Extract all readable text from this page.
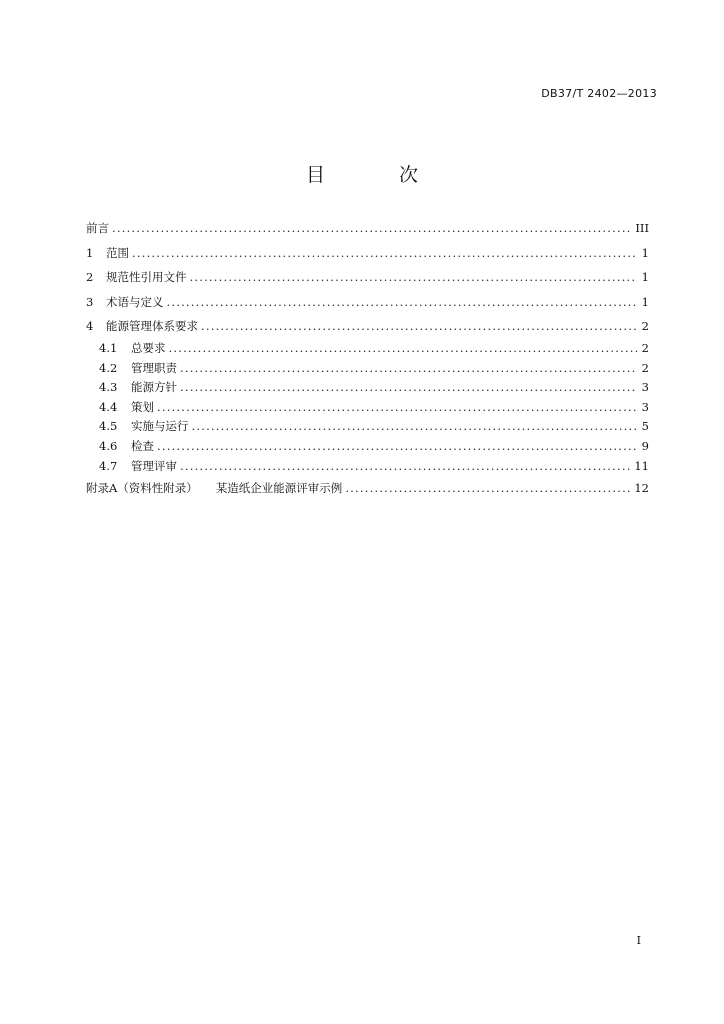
DB37/T 2402—2013
目 次
前言 .....	III
1	范围 .....	1
2	规范性引用文件 .....	1
3	术语与定义 .....	1
4	能源管理体系要求 .....	2
4.1	总要求 .....	2
4.2	管理职责 .....	2
4.3	能源方针 .....	3
4.4	策划 .....	3
4.5	实施与运行 .....	5
4.6	检查 .....	9
4.7	管理评审 .....	11
附录A（资料性附录） 某造纸企业能源评审示例 .....	12
I
